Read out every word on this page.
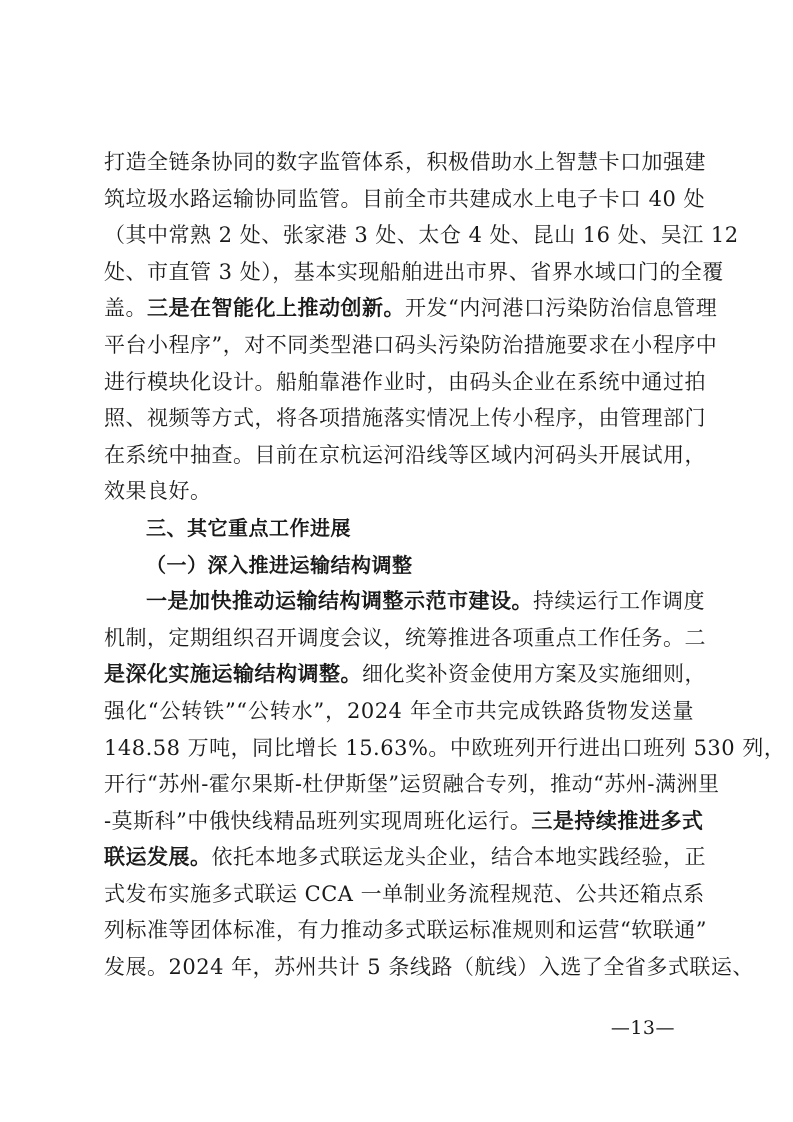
打造全链条协同的数字监管体系，积极借助水上智慧卡口加强建
筑垃圾水路运输协同监管。目前全市共建成水上电子卡口 40 处
（其中常熟 2 处、张家港 3 处、太仓 4 处、昆山 16 处、吴江 12
处、市直管 3 处），基本实现船舶进出市界、省界水域口门的全覆
盖。三是在智能化上推动创新。开发“内河港口污染防治信息管理
平台小程序”，对不同类型港口码头污染防治措施要求在小程序中
进行模块化设计。船舶靠港作业时，由码头企业在系统中通过拍
照、视频等方式，将各项措施落实情况上传小程序，由管理部门
在系统中抽查。目前在京杭运河沿线等区域内河码头开展试用，
效果良好。
三、其它重点工作进展
（一）深入推进运输结构调整
一是加快推动运输结构调整示范市建设。持续运行工作调度
机制，定期组织召开调度会议，统筹推进各项重点工作任务。二
是深化实施运输结构调整。细化奖补资金使用方案及实施细则，
强化“公转铁”“公转水”，2024 年全市共完成铁路货物发送量
148.58 万吨，同比增长 15.63%。中欧班列开行进出口班列 530 列，
开行“苏州-霍尔果斯-杜伊斯堡”运贸融合专列，推动“苏州-满洲里
-莫斯科”中俄快线精品班列实现周班化运行。三是持续推进多式
联运发展。依托本地多式联运龙头企业，结合本地实践经验，正
式发布实施多式联运 CCA 一单制业务流程规范、公共还箱点系
列标准等团体标准，有力推动多式联运标准规则和运营“软联通”
发展。2024 年，苏州共计 5 条线路（航线）入选了全省多式联运、
—13—
